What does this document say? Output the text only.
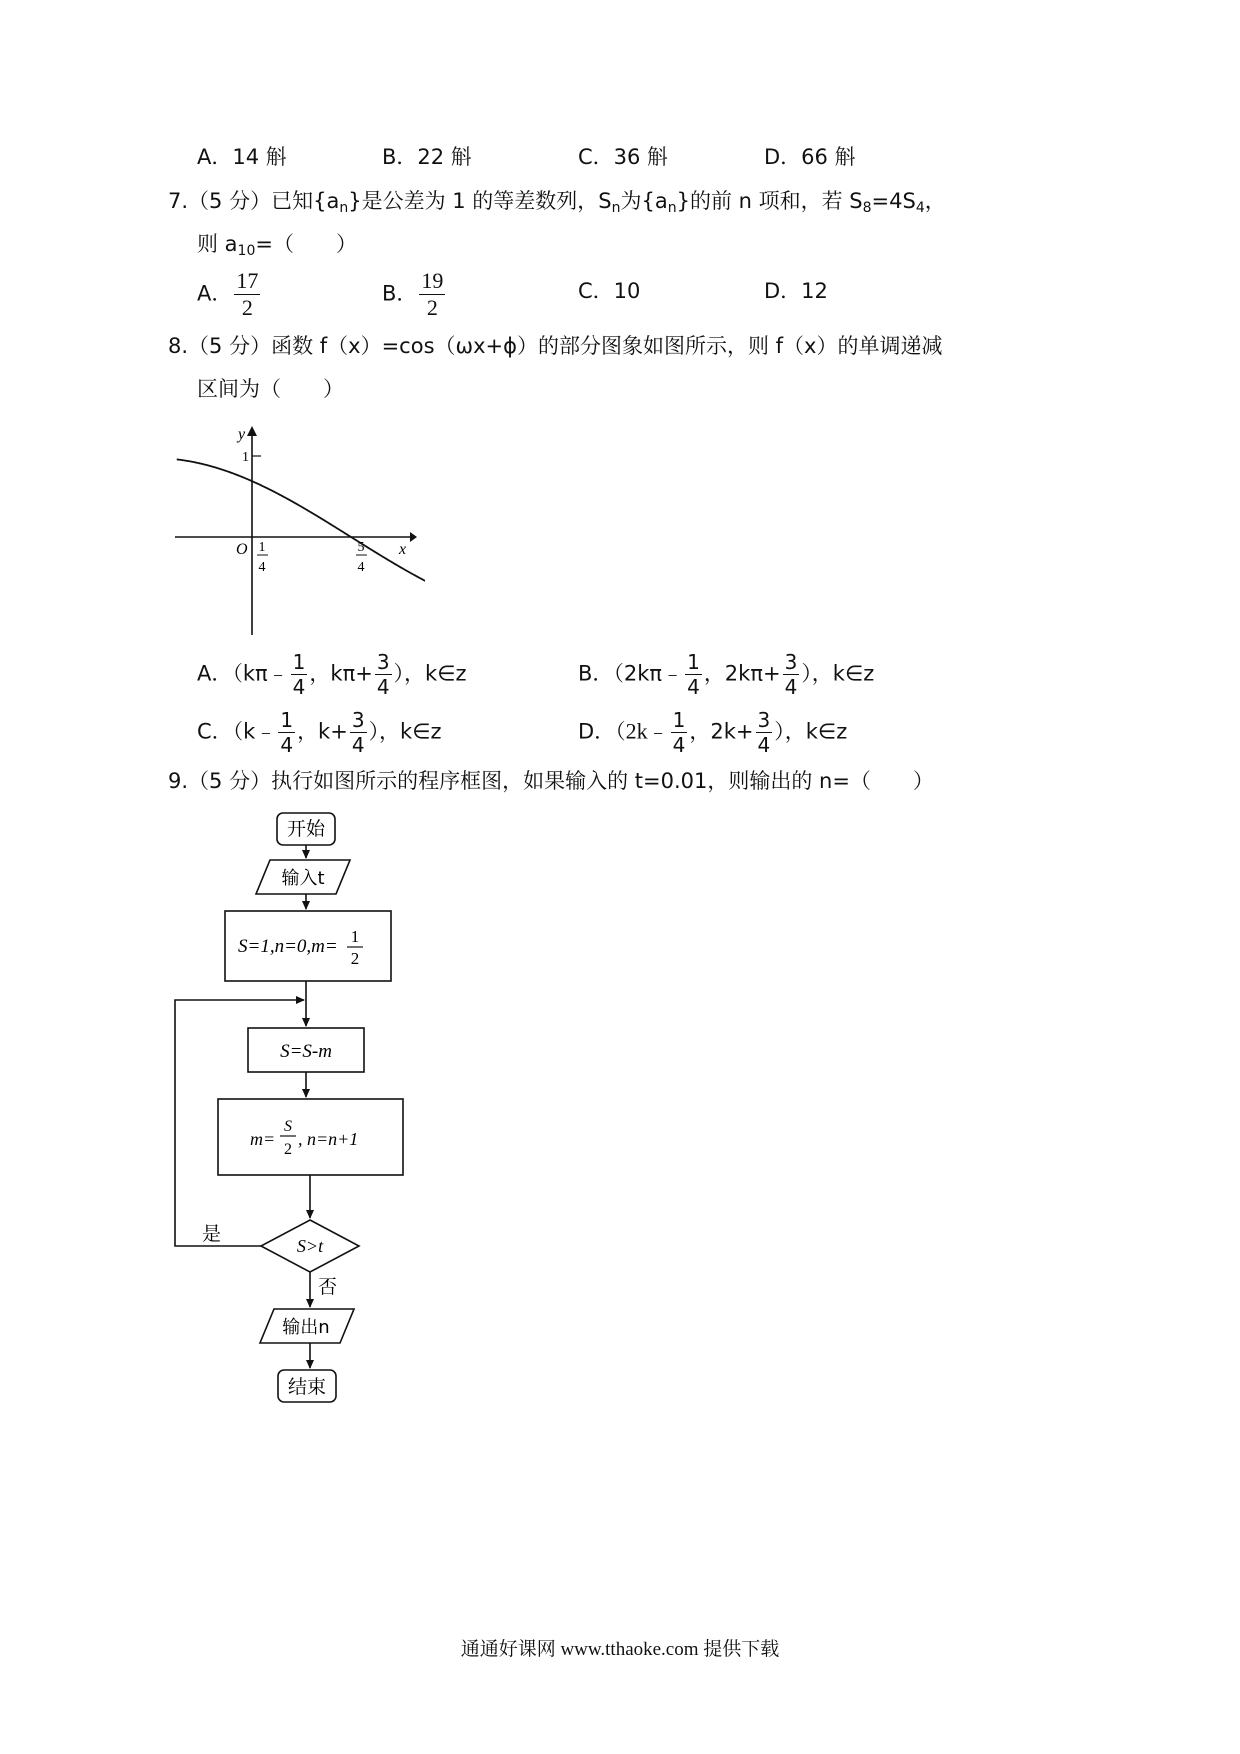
A．14 斛	B．22 斛	C．36 斛	D．66 斛
7.（5 分）已知$\{a_n\}$是公差为 1 的等差数列，$S_n$为$\{a_n\}$的前 n 项和，若 $S_8=4S_4$，
则 $a_{10}=$（　　）
A． $\frac{17}{2}$	B． $\frac{19}{2}$	C．10	D．12
8.（5 分）函数 f（x）=cos（ωx+ϕ）的部分图象如图所示，则 f（x）的单调递减
区间为（　　）
y
x
O
1
1
4
5
4
A．（kπ﹣ $\frac{1}{4}$ ，$k\pi+ \frac{3}{4}$ ），k∈z	B．（2kπ﹣ $\frac{1}{4}$ ，$2k\pi+ \frac{3}{4}$ ），k∈z
C．（k﹣ $\frac{1}{4}$ ，$k+ \frac{3}{4}$ ），k∈z	D．（2k﹣ $\frac{1}{4}$ ，$2k+ \frac{3}{4}$ ），k∈z
9.（5 分）执行如图所示的程序框图，如果输入的 t=0.01，则输出的 n=（　　）
开始
输入t
S=1,n=0,m= 1
2
S=S-m
m=
S
2
, n=n+1
S>t
是
否
输出n
结束
通通好课网 www.tthaoke.com 提供下载
